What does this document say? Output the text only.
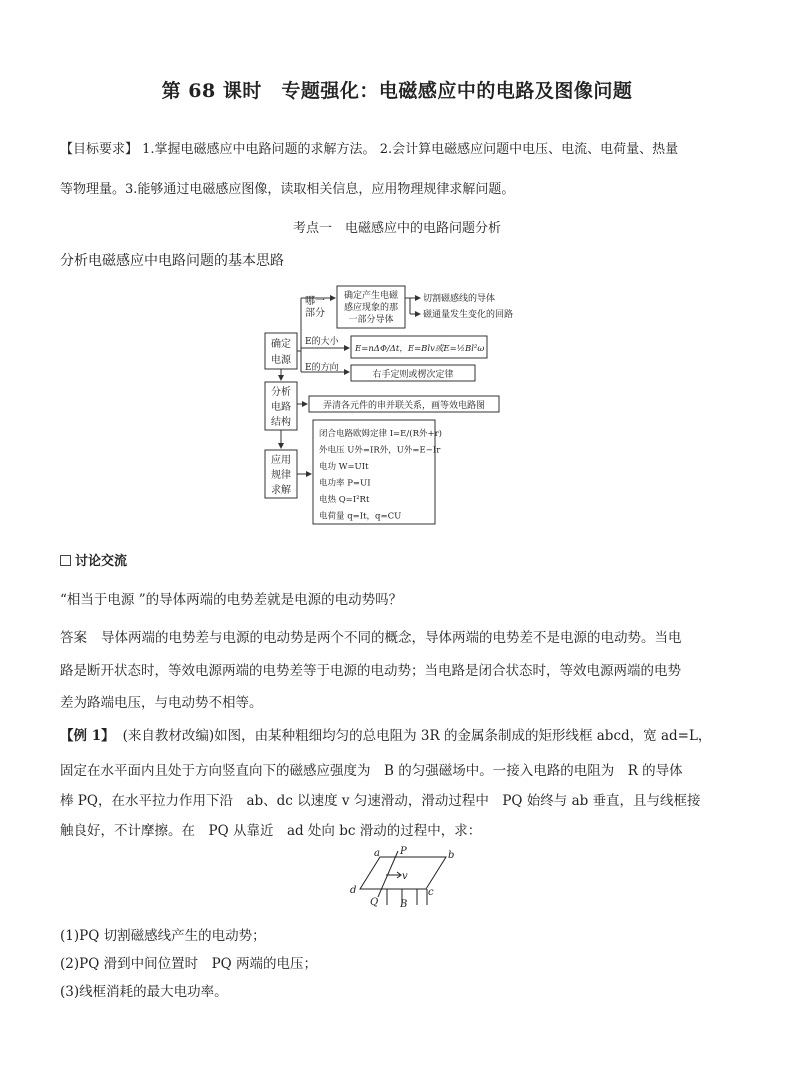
第 68 课时　专题强化：电磁感应中的电路及图像问题
【目标要求】 1.掌握电磁感应中电路问题的求解方法。 2.会计算电磁感应问题中电压、电流、电荷量、热量
等物理量。3.能够通过电磁感应图像，读取相关信息，应用物理规律求解问题。
考点一　电磁感应中的电路问题分析
分析电磁感应中电路问题的基本思路
确定
电源
分析
电路
结构
应用
规律
求解
哪一
部分
确定产生电磁
感应现象的那
一部分导体
切割磁感线的导体
磁通量发生变化的回路
E的大小
E=nΔΦ/Δt，E=Blv或E=½Bl²ω
E的方向
右手定则或楞次定律
弄清各元件的串并联关系，画等效电路图
闭合电路欧姆定律 I=E/(R外+r)
外电压 U外=IR外，U外=E−Ir
电功 W=UIt
电功率 P=UI
电热 Q=I²Rt
电荷量 q=It，q=CU
讨论交流
“相当于电源 ”的导体两端的电势差就是电源的电动势吗？
答案 导体两端的电势差与电源的电动势是两个不同的概念，导体两端的电势差不是电源的电动势。当电
路是断开状态时，等效电源两端的电势差等于电源的电动势；当电路是闭合状态时，等效电源两端的电势
差为路端电压，与电动势不相等。
【例 1】 (来自教材改编)如图，由某种粗细均匀的总电阻为 3R 的金属条制成的矩形线框 abcd，宽 ad=L，
固定在水平面内且处于方向竖直向下的磁感应强度为　B 的匀强磁场中。一接入电路的电阻为　R 的导体
棒 PQ，在水平拉力作用下沿　ab、dc 以速度 v 匀速滑动，滑动过程中　PQ 始终与 ab 垂直，且与线框接
触良好，不计摩擦。在　PQ 从靠近　ad 处向 bc 滑动的过程中，求：
a	b
c
d
P
Q
v
B
(1)PQ 切割磁感线产生的电动势；
(2)PQ 滑到中间位置时　PQ 两端的电压；
(3)线框消耗的最大电功率。
